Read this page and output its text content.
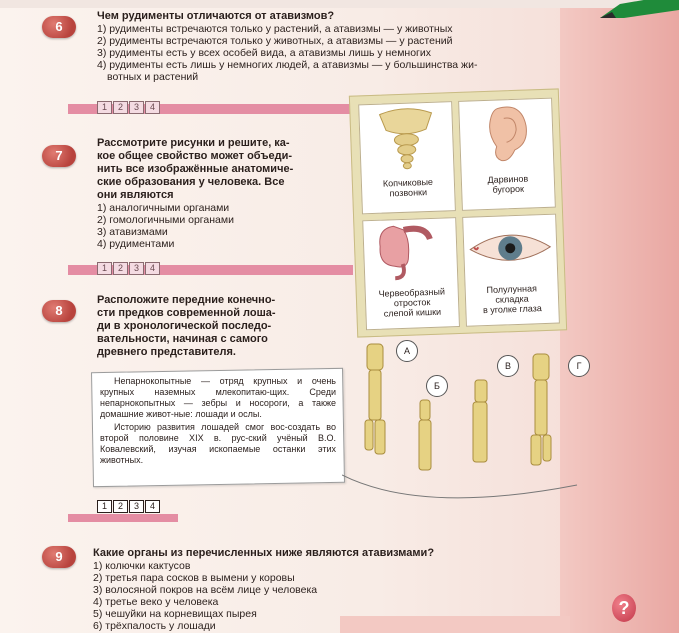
6
Чем рудименты отличаются от атавизмов?
1) рудименты встречаются только у растений, а атавизмы — у животных
2) рудименты встречаются только у животных, а атавизмы — у растений
3) рудименты есть у всех особей вида, а атавизмы лишь у немногих
4) рудименты есть лишь у немногих людей, а атавизмы — у большинства жи-
вотных и растений
1	2	3	4
7
Рассмотрите рисунки и решите, ка-
кое общее свойство может объеди-
нить все изображённые анатомиче-
ские образования у человека. Все
они являются
1) аналогичными органами
2) гомологичными органами
3) атавизмами
4) рудиментами
1	2	3	4
Копчиковые
позвонки
Дарвинов
бугорок
Червеобразный
отросток
слепой кишки
Полулунная
складка
в уголке глаза
8
Расположите передние конечно-
сти предков современной лоша-
ди в хронологической последо-
вательности, начиная с самого
древнего представителя.

Непарнокопытные — отряд крупных и очень крупных наземных млекопитаю-щих. Среди непарнокопытных — зебры и носороги, а также домашние живот-ные: лошади и ослы.

Историю развития лошадей смог вос-создать во второй половине XIX в. рус-ский учёный В.О. Ковалевский, изучая ископаемые останки этих животных.

А
Б
В	Г
1	2	3	4
9	Какие органы из перечисленных ниже являются атавизмами?
1) колючки кактусов
2) третья пара сосков в вымени у коровы
3) волосяной покров на всём лице у человека
4) третье веко у человека
5) чешуйки на корневищах пырея
6) трёхпалость у лошади
?
